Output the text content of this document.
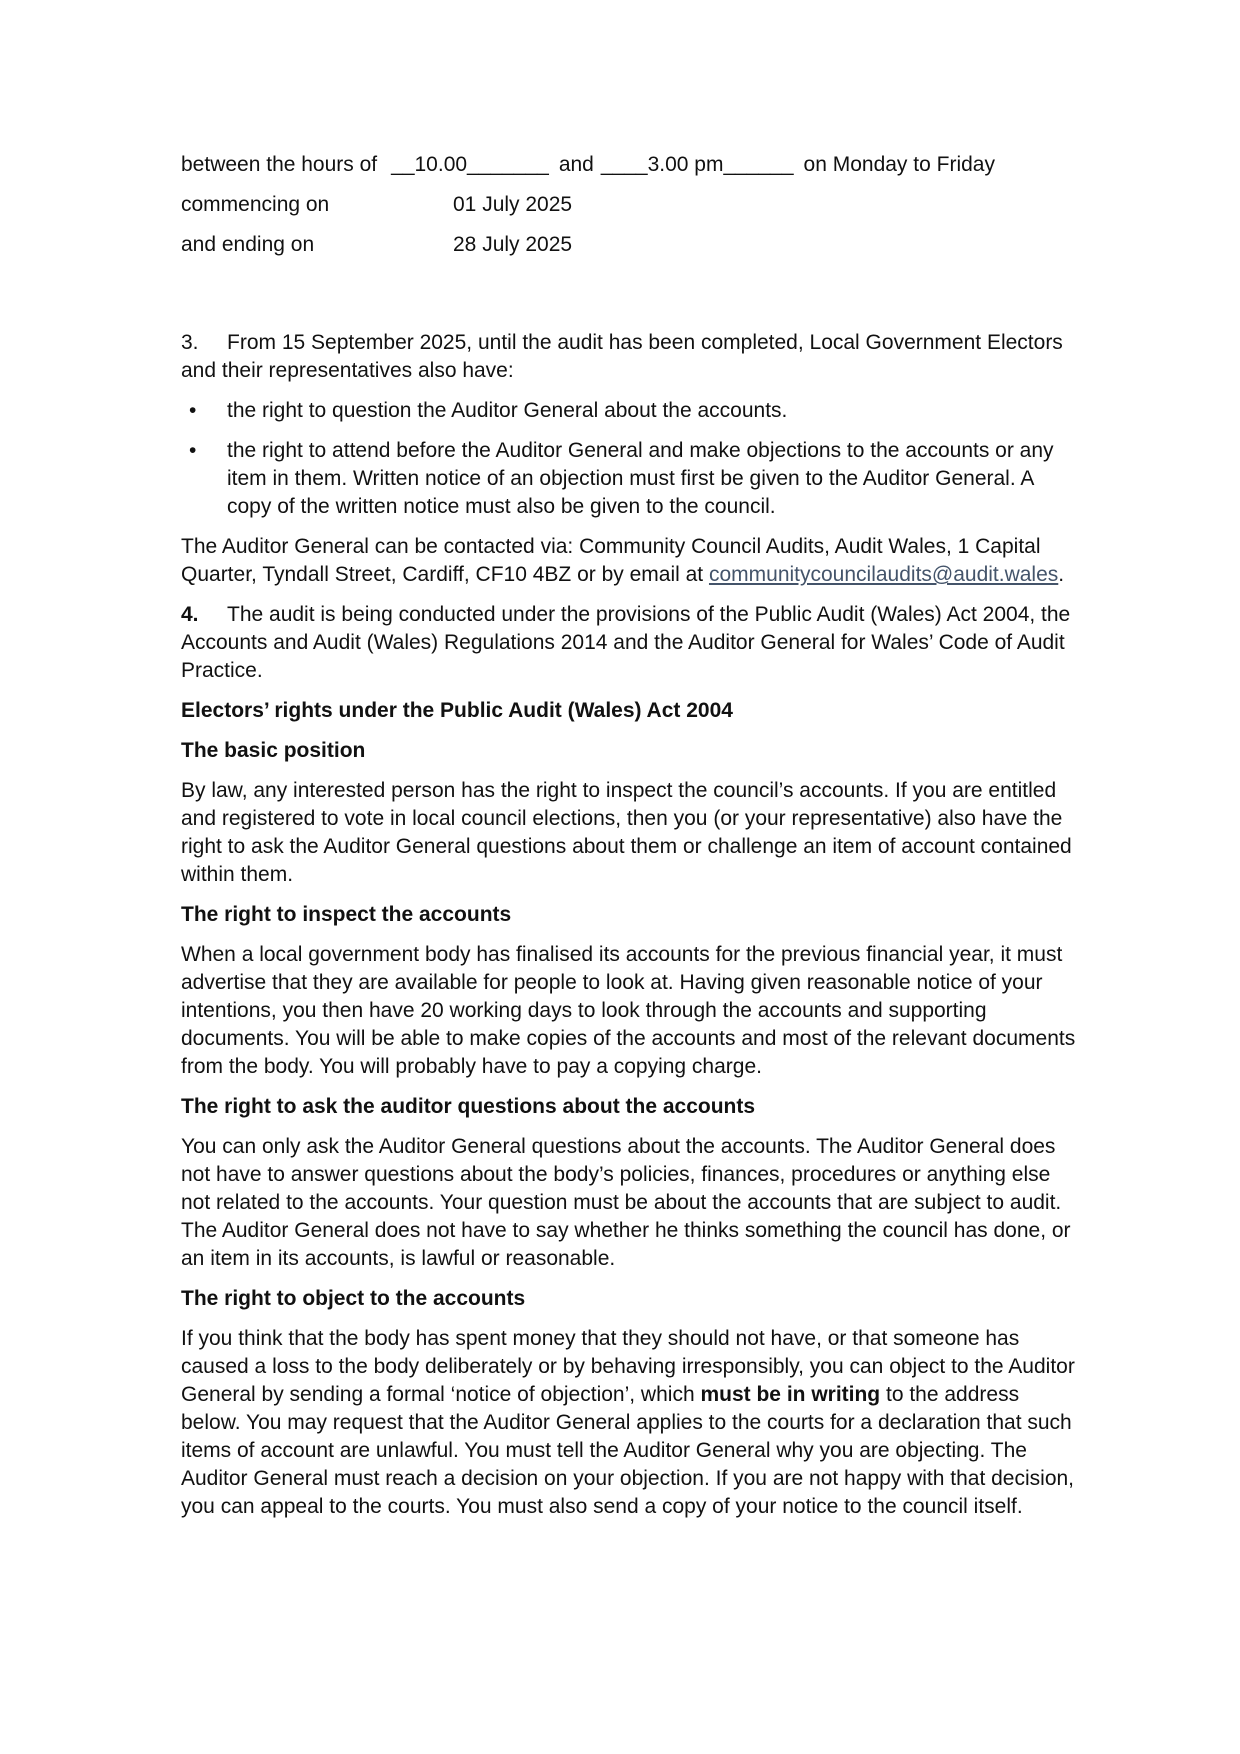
between the hours of __10.00_______ and ____3.00 pm______ on Monday to Friday
commencing on	01 July 2025
and ending on	28 July 2025

3. From 15 September 2025, until the audit has been completed, Local Government Electors and their representatives also have:

• the right to question the Auditor General about the accounts.
• the right to attend before the Auditor General and make objections to the accounts or any item in them. Written notice of an objection must first be given to the Auditor General. A copy of the written notice must also be given to the council.

The Auditor General can be contacted via: Community Council Audits, Audit Wales, 1 Capital Quarter, Tyndall Street, Cardiff, CF10 4BZ or by email at communitycouncilaudits@audit.wales.

4. The audit is being conducted under the provisions of the Public Audit (Wales) Act 2004, the Accounts and Audit (Wales) Regulations 2014 and the Auditor General for Wales’ Code of Audit Practice.

Electors’ rights under the Public Audit (Wales) Act 2004
The basic position

By law, any interested person has the right to inspect the council’s accounts. If you are entitled and registered to vote in local council elections, then you (or your representative) also have the right to ask the Auditor General questions about them or challenge an item of account contained within them.

The right to inspect the accounts

When a local government body has finalised its accounts for the previous financial year, it must advertise that they are available for people to look at. Having given reasonable notice of your intentions, you then have 20 working days to look through the accounts and supporting documents. You will be able to make copies of the accounts and most of the relevant documents from the body. You will probably have to pay a copying charge.

The right to ask the auditor questions about the accounts

You can only ask the Auditor General questions about the accounts. The Auditor General does not have to answer questions about the body’s policies, finances, procedures or anything else not related to the accounts. Your question must be about the accounts that are subject to audit. The Auditor General does not have to say whether he thinks something the council has done, or an item in its accounts, is lawful or reasonable.

The right to object to the accounts

If you think that the body has spent money that they should not have, or that someone has caused a loss to the body deliberately or by behaving irresponsibly, you can object to the Auditor General by sending a formal ‘notice of objection’, which must be in writing to the address below. You may request that the Auditor General applies to the courts for a declaration that such items of account are unlawful. You must tell the Auditor General why you are objecting. The Auditor General must reach a decision on your objection. If you are not happy with that decision, you can appeal to the courts. You must also send a copy of your notice to the council itself.
